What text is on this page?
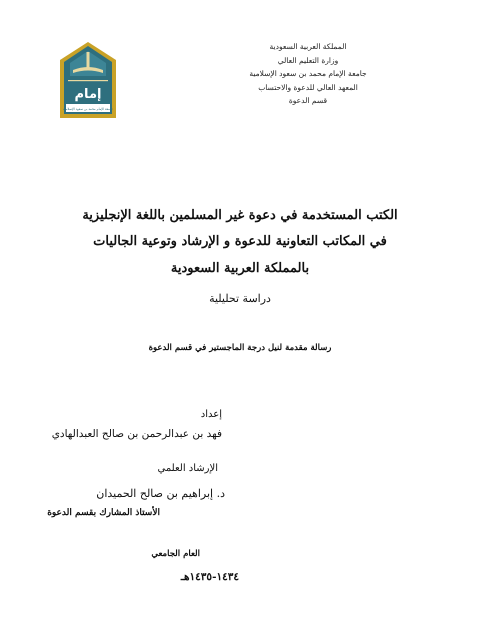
المملكة العربية السعودية
وزارة التعليم العالي
جامعة الإمام محمد بن سعود الإسلامية
المعهد العالي للدعوة والاحتساب
قسم الدعوة
إمام
جامعة الإمام محمد بن سعود الإسلامية
الكتب المستخدمة في دعوة غير المسلمين باللغة الإنجليزية
في المكاتب التعاونية للدعوة و الإرشاد وتوعية الجاليات
بالمملكة العربية السعودية
دراسة تحليلية
رسالة مقدمة لنيل درجة الماجستير في قسم الدعوة
إعداد
فهد بن عبدالرحمن بن صالح العبدالهادي
الإرشاد العلمي
د. إبراهيم بن صالح الحميدان
الأستاذ المشارك بقسم الدعوة
العام الجامعي
١٤٣٤-١٤٣٥هـ
